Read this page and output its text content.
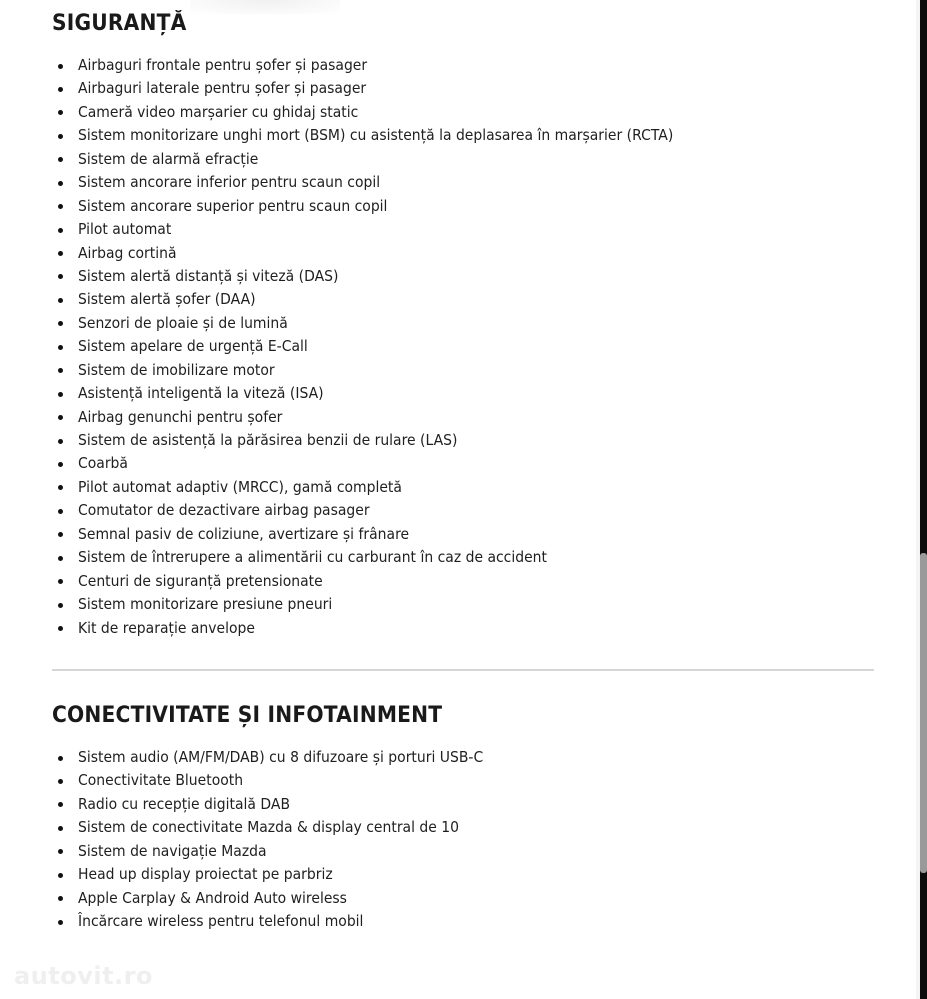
SIGURANȚĂ
Airbaguri frontale pentru șofer și pasager
Airbaguri laterale pentru șofer și pasager
Cameră video marșarier cu ghidaj static
Sistem monitorizare unghi mort (BSM) cu asistență la deplasarea în marșarier (RCTA)
Sistem de alarmă efracție
Sistem ancorare inferior pentru scaun copil
Sistem ancorare superior pentru scaun copil
Pilot automat
Airbag cortină
Sistem alertă distanță și viteză (DAS)
Sistem alertă șofer (DAA)
Senzori de ploaie și de lumină
Sistem apelare de urgență E-Call
Sistem de imobilizare motor
Asistență inteligentă la viteză (ISA)
Airbag genunchi pentru șofer
Sistem de asistență la părăsirea benzii de rulare (LAS)
Coarbă
Pilot automat adaptiv (MRCC), gamă completă
Comutator de dezactivare airbag pasager
Semnal pasiv de coliziune, avertizare și frânare
Sistem de întrerupere a alimentării cu carburant în caz de accident
Centuri de siguranță pretensionate
Sistem monitorizare presiune pneuri
Kit de reparație anvelope
CONECTIVITATE ȘI INFOTAINMENT
Sistem audio (AM/FM/DAB) cu 8 difuzoare și porturi USB-C
Conectivitate Bluetooth
Radio cu recepție digitală DAB
Sistem de conectivitate Mazda & display central de 10
Sistem de navigație Mazda
Head up display proiectat pe parbriz
Apple Carplay & Android Auto wireless
Încărcare wireless pentru telefonul mobil
autovit.ro
